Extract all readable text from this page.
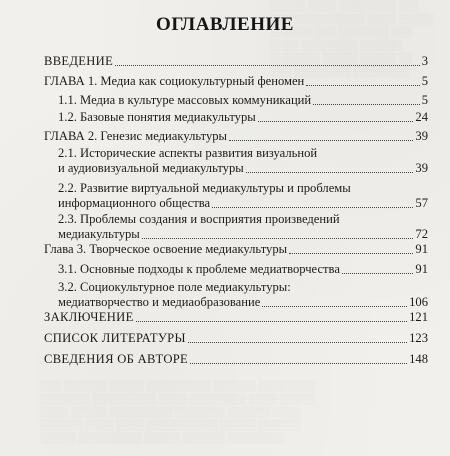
░░░░░ ░░░░ ░░░░░░░░ ░░░
░░░ ░░░░░░░░░░ ░░░░ ░░░░░
░░░░░░ ░░░ ░░░░░░░ ░░░
░░░░ ░░░░░░░░ ░░░░░░
░░░░░░░ ░░░░░ ░░░░░ ░░
░░░ ░░░░░░░░ ░░░░░░░░
░░░ ░░░░░░ ░░░░░ ░░░░░░░░░ ░░░░░░ ░░░░░░░░
░░░░░░░ ░░░░░░░░░ ░░░░ ░░░░░░░░ ░░░░ ░░░░░
░░░░ ░░░░░ ░░░░░░░░░ ░░░░░░░ ░░░░░░ ░░░░
░░░░░░ ░░░░ ░░░░ ░░░░░░░░░░ ░░░░░ ░░░░░░
░░░░░ ░░░░░░░░░ ░░░░░ ░░░░░░ ░░░░░░░░
ОГЛАВЛЕНИЕ
ВВЕДЕНИЕ	3
ГЛАВА 1. Медиа как социокультурный феномен	5
1.1. Медиа в культуре массовых коммуникаций	5
1.2. Базовые понятия медиакультуры	24
ГЛАВА 2. Генезис медиакультуры	39
2.1. Исторические аспекты развития визуальной
и аудиовизуальной медиакультуры	39
2.2. Развитие виртуальной медиакультуры и проблемы
информационного общества	57
2.3. Проблемы создания и восприятия произведений
медиакультуры	72
Глава 3. Творческое освоение медиакультуры	91
3.1. Основные подходы к проблеме медиатворчества	91
3.2. Социокультурное поле медиакультуры:
медиатворчество и медиаобразование	106
ЗАКЛЮЧЕНИЕ	121
СПИСОК ЛИТЕРАТУРЫ	123
СВЕДЕНИЯ ОБ АВТОРЕ	148
